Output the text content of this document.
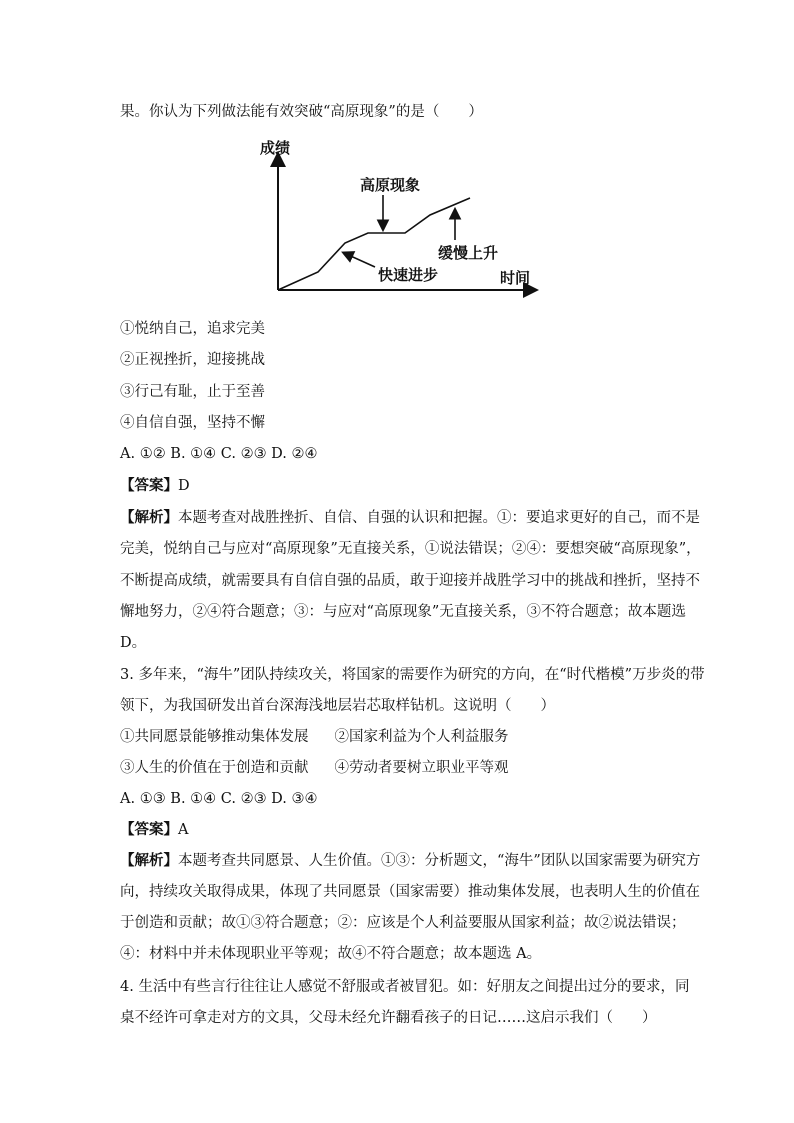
果。你认为下列做法能有效突破“高原现象”的是（　　）
成绩
时间
高原现象
缓慢上升
快速进步
①悦纳自己，追求完美
②正视挫折，迎接挑战
③行己有耻，止于至善
④自信自强，坚持不懈
A. ①② B. ①④ C. ②③ D. ②④
【答案】D
【解析】本题考查对战胜挫折、自信、自强的认识和把握。①：要追求更好的自己，而不是
完美，悦纳自己与应对“高原现象”无直接关系，①说法错误；②④：要想突破“高原现象”，
不断提高成绩，就需要具有自信自强的品质，敢于迎接并战胜学习中的挑战和挫折，坚持不
懈地努力，②④符合题意；③：与应对“高原现象”无直接关系，③不符合题意；故本题选
D。
3. 多年来，“海牛”团队持续攻关，将国家的需要作为研究的方向，在“时代楷模”万步炎的带
领下，为我国研发出首台深海浅地层岩芯取样钻机。这说明（　　）
①共同愿景能够推动集体发展 ②国家利益为个人利益服务
③人生的价值在于创造和贡献 ④劳动者要树立职业平等观
A. ①③ B. ①④ C. ②③ D. ③④
【答案】A
【解析】本题考查共同愿景、人生价值。①③：分析题文，“海牛”团队以国家需要为研究方
向，持续攻关取得成果，体现了共同愿景（国家需要）推动集体发展，也表明人生的价值在
于创造和贡献；故①③符合题意；②：应该是个人利益要服从国家利益；故②说法错误；
④：材料中并未体现职业平等观；故④不符合题意；故本题选 A。
4. 生活中有些言行往往让人感觉不舒服或者被冒犯。如：好朋友之间提出过分的要求，同
桌不经许可拿走对方的文具，父母未经允许翻看孩子的日记……这启示我们（　　）
